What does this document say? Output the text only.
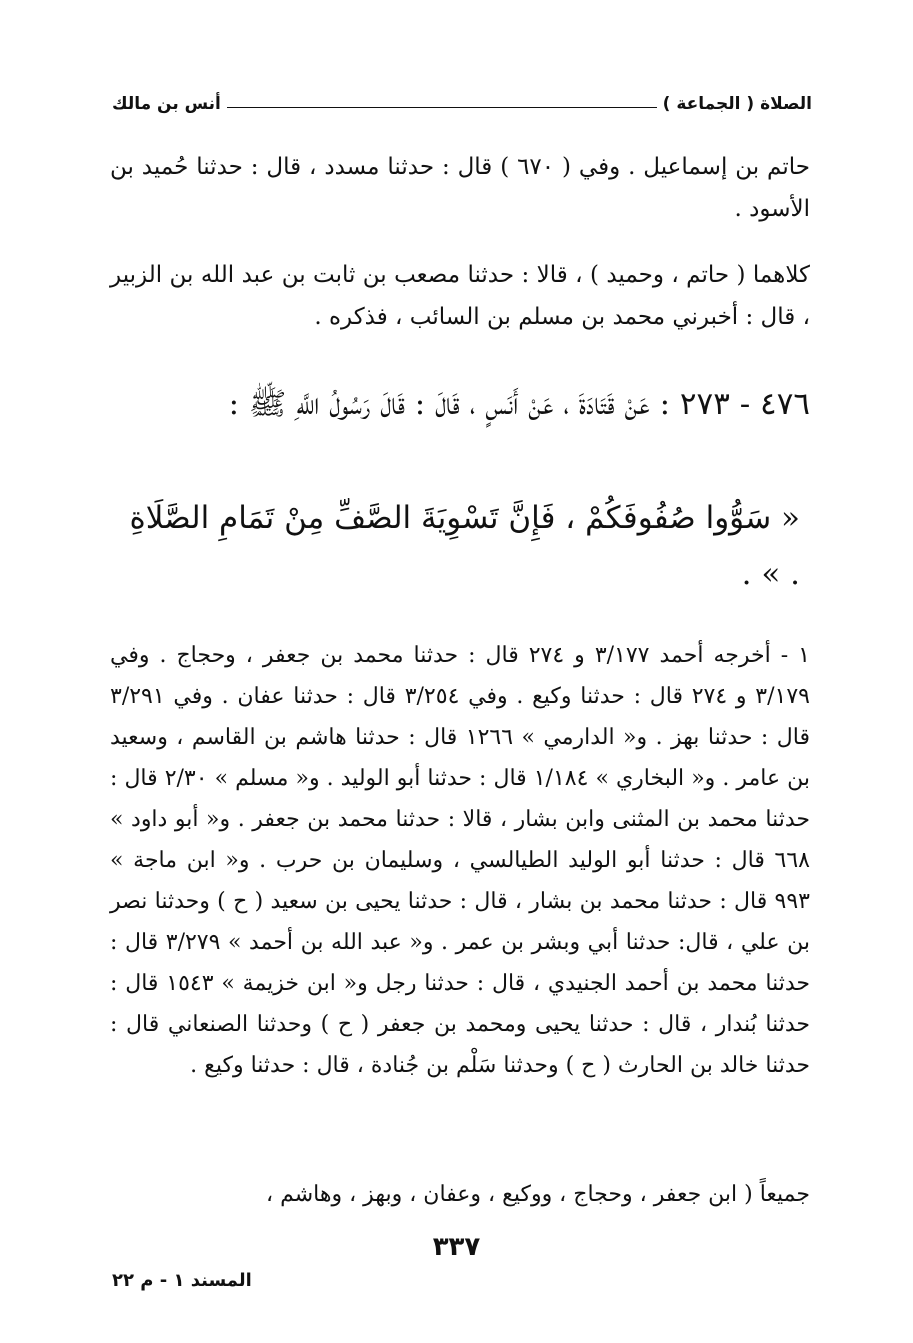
الصلاة ( الجماعة )
أنس بن مالك

حاتم بن إسماعيل . وفي ( ٦٧٠ ) قال : حدثنا مسدد ، قال : حدثنا حُميد بن الأسود .

كلاهما ( حاتم ، وحميد ) ، قالا : حدثنا مصعب بن ثابت بن عبد الله بن الزبير ، قال : أخبرني محمد بن مسلم بن السائب ، فذكره .

٤٧٦ - ٢٧٣ : عَنْ قَتَادَةَ ، عَنْ أَنَسٍ ، قَالَ : قَالَ رَسُولُ اللَّهِ ﷺ :

« سَوُّوا صُفُوفَكُمْ ، فَإِنَّ تَسْوِيَةَ الصَّفِّ مِنْ تَمَامِ الصَّلَاةِ . » .

١ - أخرجه أحمد ٣/١٧٧ و ٢٧٤ قال : حدثنا محمد بن جعفر ، وحجاج . وفي ٣/١٧٩ و ٢٧٤ قال : حدثنا وكيع . وفي ٣/٢٥٤ قال : حدثنا عفان . وفي ٣/٢٩١ قال : حدثنا بهز . و« الدارمي » ١٢٦٦ قال : حدثنا هاشم بن القاسم ، وسعيد بن عامر . و« البخاري » ١/١٨٤ قال : حدثنا أبو الوليد . و« مسلم » ٢/٣٠ قال : حدثنا محمد بن المثنى وابن بشار ، قالا : حدثنا محمد بن جعفر . و« أبو داود » ٦٦٨ قال : حدثنا أبو الوليد الطيالسي ، وسليمان بن حرب . و« ابن ماجة » ٩٩٣ قال : حدثنا محمد بن بشار ، قال : حدثنا يحيى بن سعيد ( ح ) وحدثنا نصر بن علي ، قال: حدثنا أبي وبشر بن عمر . و« عبد الله بن أحمد » ٣/٢٧٩ قال : حدثنا محمد بن أحمد الجنيدي ، قال : حدثنا رجل و« ابن خزيمة » ١٥٤٣ قال : حدثنا بُندار ، قال : حدثنا يحيى ومحمد بن جعفر ( ح ) وحدثنا الصنعاني قال : حدثنا خالد بن الحارث ( ح ) وحدثنا سَلْم بن جُنادة ، قال : حدثنا وكيع .

جميعاً ( ابن جعفر ، وحجاج ، ووكيع ، وعفان ، وبهز ، وهاشم ،

٣٣٧
المسند ١ - م ٢٢
